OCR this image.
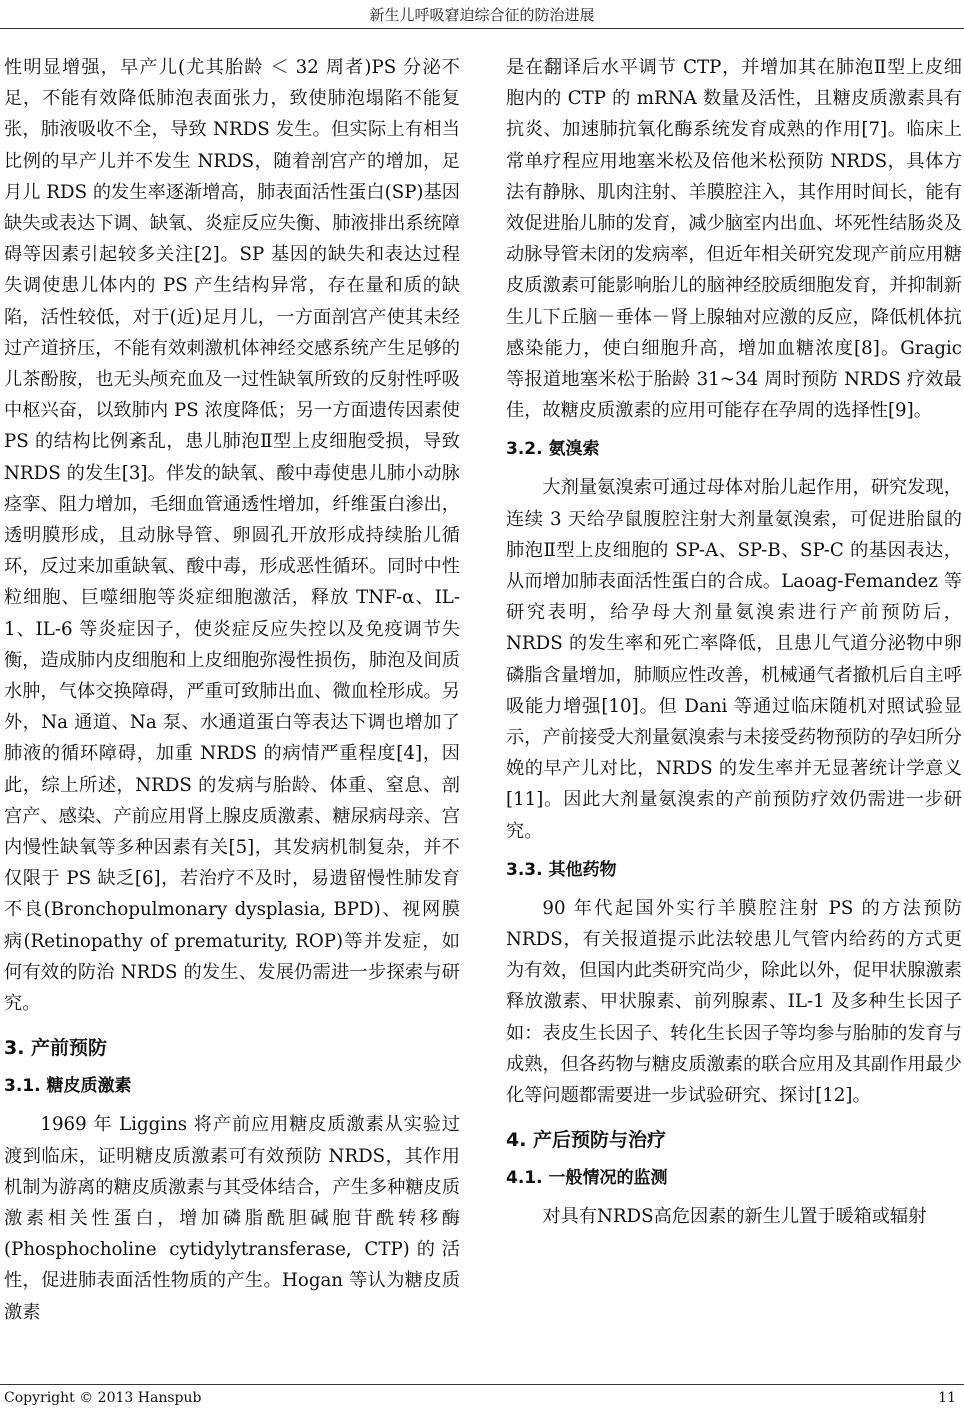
新生儿呼吸窘迫综合征的防治进展

性明显增强，早产儿(尤其胎龄 ＜ 32 周者)PS 分泌不足，不能有效降低肺泡表面张力，致使肺泡塌陷不能复张，肺液吸收不全，导致 NRDS 发生。但实际上有相当比例的早产儿并不发生 NRDS，随着剖宫产的增加，足月儿 RDS 的发生率逐渐增高，肺表面活性蛋白(SP)基因缺失或表达下调、缺氧、炎症反应失衡、肺液排出系统障碍等因素引起较多关注[2]。SP 基因的缺失和表达过程失调使患儿体内的 PS 产生结构异常，存在量和质的缺陷，活性较低，对于(近)足月儿，一方面剖宫产使其未经过产道挤压，不能有效刺激机体神经交感系统产生足够的儿茶酚胺，也无头颅充血及一过性缺氧所致的反射性呼吸中枢兴奋，以致肺内 PS 浓度降低；另一方面遗传因素使 PS 的结构比例紊乱，患儿肺泡Ⅱ型上皮细胞受损，导致 NRDS 的发生[3]。伴发的缺氧、酸中毒使患儿肺小动脉痉挛、阻力增加，毛细血管通透性增加，纤维蛋白渗出，透明膜形成，且动脉导管、卵圆孔开放形成持续胎儿循环，反过来加重缺氧、酸中毒，形成恶性循环。同时中性粒细胞、巨噬细胞等炎症细胞激活，释放 TNF-α、IL-1、IL-6 等炎症因子，使炎症反应失控以及免疫调节失衡，造成肺内皮细胞和上皮细胞弥漫性损伤，肺泡及间质水肿，气体交换障碍，严重可致肺出血、微血栓形成。另外，Na 通道、Na 泵、水通道蛋白等表达下调也增加了肺液的循环障碍，加重 NRDS 的病情严重程度[4]，因此，综上所述，NRDS 的发病与胎龄、体重、窒息、剖宫产、感染、产前应用肾上腺皮质激素、糖尿病母亲、宫内慢性缺氧等多种因素有关[5]，其发病机制复杂，并不仅限于 PS 缺乏[6]，若治疗不及时，易遗留慢性肺发育不良(Bronchopulmonary dysplasia, BPD)、视网膜病(Retinopathy of prematurity, ROP)等并发症，如何有效的防治 NRDS 的发生、发展仍需进一步探索与研究。

3. 产前预防
3.1. 糖皮质激素

1969 年 Liggins 将产前应用糖皮质激素从实验过渡到临床，证明糖皮质激素可有效预防 NRDS，其作用机制为游离的糖皮质激素与其受体结合，产生多种糖皮质激素相关性蛋白，增加磷脂酰胆碱胞苷酰转移酶(Phosphocholine cytidylytransferase, CTP)的活性，促进肺表面活性物质的产生。Hogan 等认为糖皮质激素

是在翻译后水平调节 CTP，并增加其在肺泡Ⅱ型上皮细胞内的 CTP 的 mRNA 数量及活性，且糖皮质激素具有抗炎、加速肺抗氧化酶系统发育成熟的作用[7]。临床上常单疗程应用地塞米松及倍他米松预防 NRDS，具体方法有静脉、肌肉注射、羊膜腔注入，其作用时间长，能有效促进胎儿肺的发育，减少脑室内出血、坏死性结肠炎及动脉导管未闭的发病率，但近年相关研究发现产前应用糖皮质激素可能影响胎儿的脑神经胶质细胞发育，并抑制新生儿下丘脑－垂体－肾上腺轴对应激的反应，降低机体抗感染能力，使白细胞升高，增加血糖浓度[8]。Gragic 等报道地塞米松于胎龄 31~34 周时预防 NRDS 疗效最佳，故糖皮质激素的应用可能存在孕周的选择性[9]。

3.2. 氨溴索

大剂量氨溴索可通过母体对胎儿起作用，研究发现，连续 3 天给孕鼠腹腔注射大剂量氨溴索，可促进胎鼠的肺泡Ⅱ型上皮细胞的 SP-A、SP-B、SP-C 的基因表达，从而增加肺表面活性蛋白的合成。Laoag-Femandez 等研究表明，给孕母大剂量氨溴索进行产前预防后，NRDS 的发生率和死亡率降低，且患儿气道分泌物中卵磷脂含量增加，肺顺应性改善，机械通气者撤机后自主呼吸能力增强[10]。但 Dani 等通过临床随机对照试验显示，产前接受大剂量氨溴索与未接受药物预防的孕妇所分娩的早产儿对比，NRDS 的发生率并无显著统计学意义[11]。因此大剂量氨溴索的产前预防疗效仍需进一步研究。

3.3. 其他药物

90 年代起国外实行羊膜腔注射 PS 的方法预防 NRDS，有关报道提示此法较患儿气管内给药的方式更为有效，但国内此类研究尚少，除此以外，促甲状腺激素释放激素、甲状腺素、前列腺素、IL-1 及多种生长因子如：表皮生长因子、转化生长因子等均参与胎肺的发育与成熟，但各药物与糖皮质激素的联合应用及其副作用最少化等问题都需要进一步试验研究、探讨[12]。

4. 产后预防与治疗
4.1. 一般情况的监测

对具有NRDS高危因素的新生儿置于暖箱或辐射

Copyright © 2013 Hanspub	11
